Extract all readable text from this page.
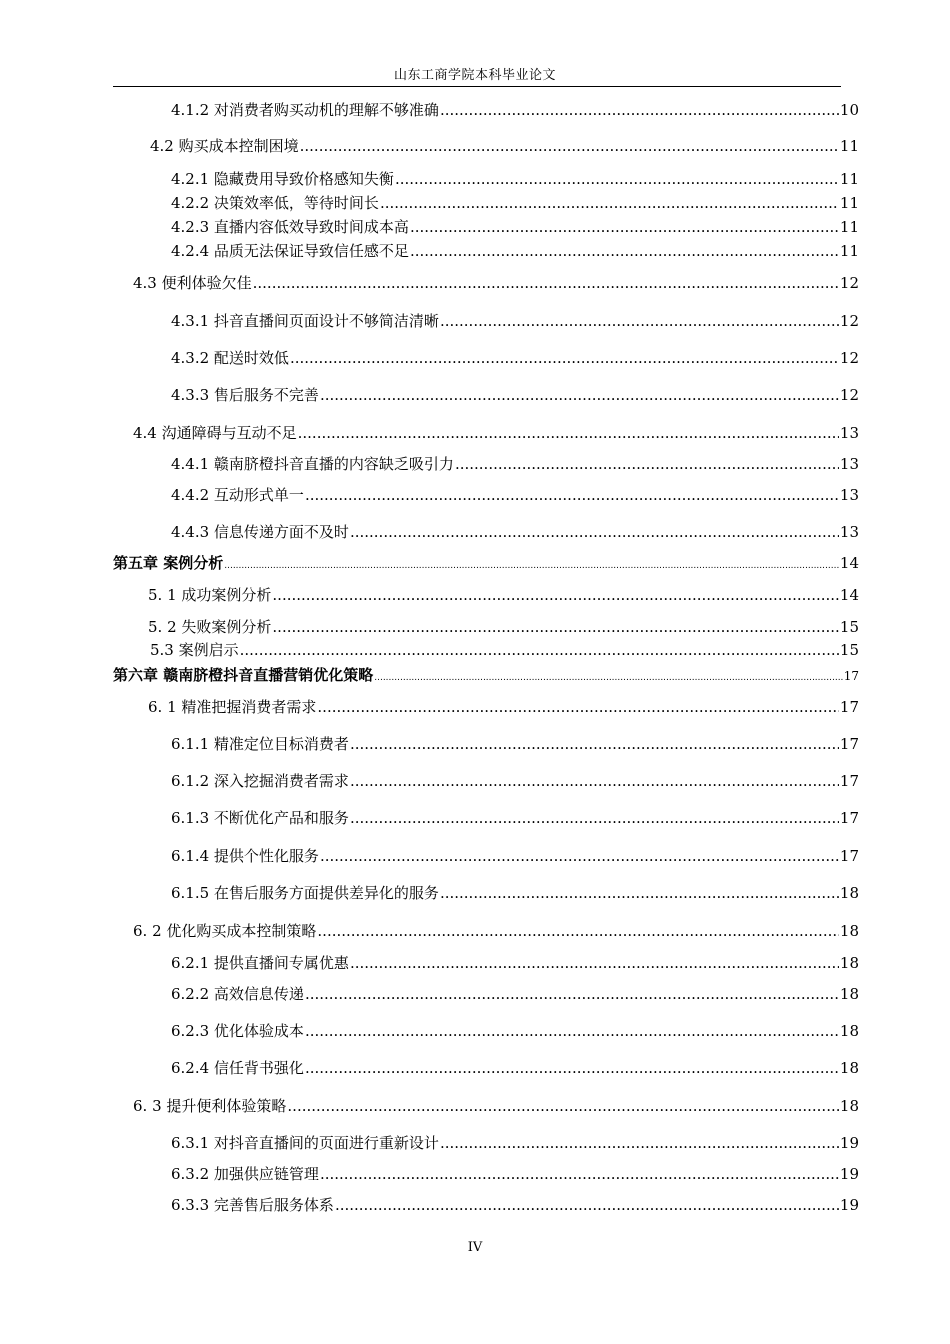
山东工商学院本科毕业论文
4.1.2 对消费者购买动机的理解不够准确 .....	10
4.2 购买成本控制困境 .....	11
4.2.1 隐藏费用导致价格感知失衡 .....	11
4.2.2 决策效率低，等待时间长 .....	11
4.2.3 直播内容低效导致时间成本高 .....	11
4.2.4 品质无法保证导致信任感不足 .....	11
4.3 便利体验欠佳 .....	12
4.3.1 抖音直播间页面设计不够简洁清晰 .....	12
4.3.2 配送时效低 .....	12
4.3.3 售后服务不完善 .....	12
4.4 沟通障碍与互动不足 .....	13
4.4.1 赣南脐橙抖音直播的内容缺乏吸引力 .....	13
4.4.2 互动形式单一 .....	13
4.4.3 信息传递方面不及时 .....	13
第五章 案例分析 .....	14
5. 1 成功案例分析 .....	14
5. 2 失败案例分析 .....	15
5.3 案例启示 .....	15
第六章 赣南脐橙抖音直播营销优化策略 .....	17
6. 1 精准把握消费者需求 .....	17
6.1.1 精准定位目标消费者 .....	17
6.1.2 深入挖掘消费者需求 .....	17
6.1.3 不断优化产品和服务 .....	17
6.1.4 提供个性化服务 .....	17
6.1.5 在售后服务方面提供差异化的服务 .....	18
6. 2 优化购买成本控制策略 .....	18
6.2.1 提供直播间专属优惠 .....	18
6.2.2 高效信息传递 .....	18
6.2.3 优化体验成本 .....	18
6.2.4 信任背书强化 .....	18
6. 3 提升便利体验策略 .....	18
6.3.1 对抖音直播间的页面进行重新设计 .....	19
6.3.2 加强供应链管理 .....	19
6.3.3 完善售后服务体系 .....	19
IV
